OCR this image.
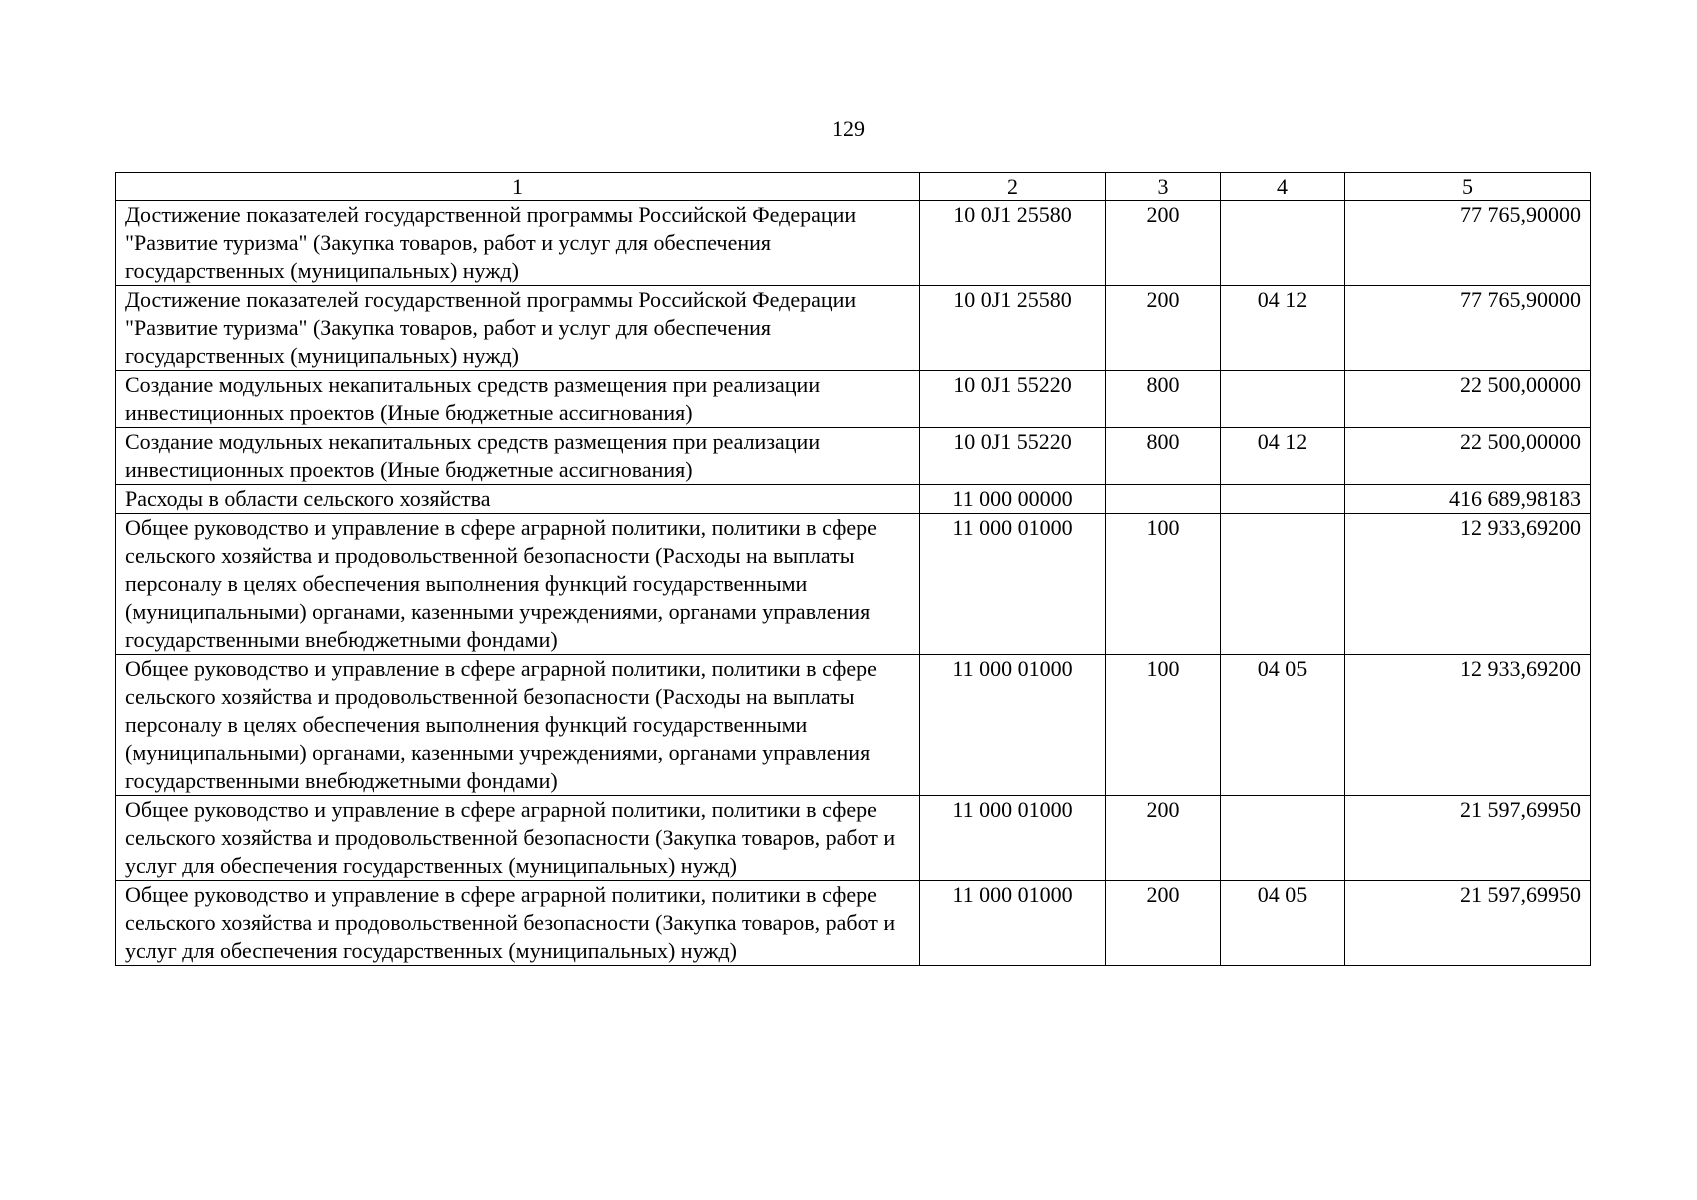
129
1	2	3	4	5
Достижение показателей государственной программы Российской Федерации "Развитие туризма" (Закупка товаров, работ и услуг для обеспечения государственных (муниципальных) нужд)	10 0J1 25580	200		77 765,90000
Достижение показателей государственной программы Российской Федерации "Развитие туризма" (Закупка товаров, работ и услуг для обеспечения государственных (муниципальных) нужд)	10 0J1 25580	200	04 12	77 765,90000
Создание модульных некапитальных средств размещения при реализации инвестиционных проектов (Иные бюджетные ассигнования)	10 0J1 55220	800		22 500,00000
Создание модульных некапитальных средств размещения при реализации инвестиционных проектов (Иные бюджетные ассигнования)	10 0J1 55220	800	04 12	22 500,00000
Расходы в области сельского хозяйства	11 000 00000			416 689,98183
Общее руководство и управление в сфере аграрной политики, политики в сфере сельского хозяйства и продовольственной безопасности (Расходы на выплаты персоналу в целях обеспечения выполнения функций государственными (муниципальными) органами, казенными учреждениями, органами управления государственными внебюджетными фондами)	11 000 01000	100		12 933,69200
Общее руководство и управление в сфере аграрной политики, политики в сфере сельского хозяйства и продовольственной безопасности (Расходы на выплаты персоналу в целях обеспечения выполнения функций государственными (муниципальными) органами, казенными учреждениями, органами управления государственными внебюджетными фондами)	11 000 01000	100	04 05	12 933,69200
Общее руководство и управление в сфере аграрной политики, политики в сфере сельского хозяйства и продовольственной безопасности (Закупка товаров, работ и услуг для обеспечения государственных (муниципальных) нужд)	11 000 01000	200		21 597,69950
Общее руководство и управление в сфере аграрной политики, политики в сфере сельского хозяйства и продовольственной безопасности (Закупка товаров, работ и услуг для обеспечения государственных (муниципальных) нужд)	11 000 01000	200	04 05	21 597,69950
